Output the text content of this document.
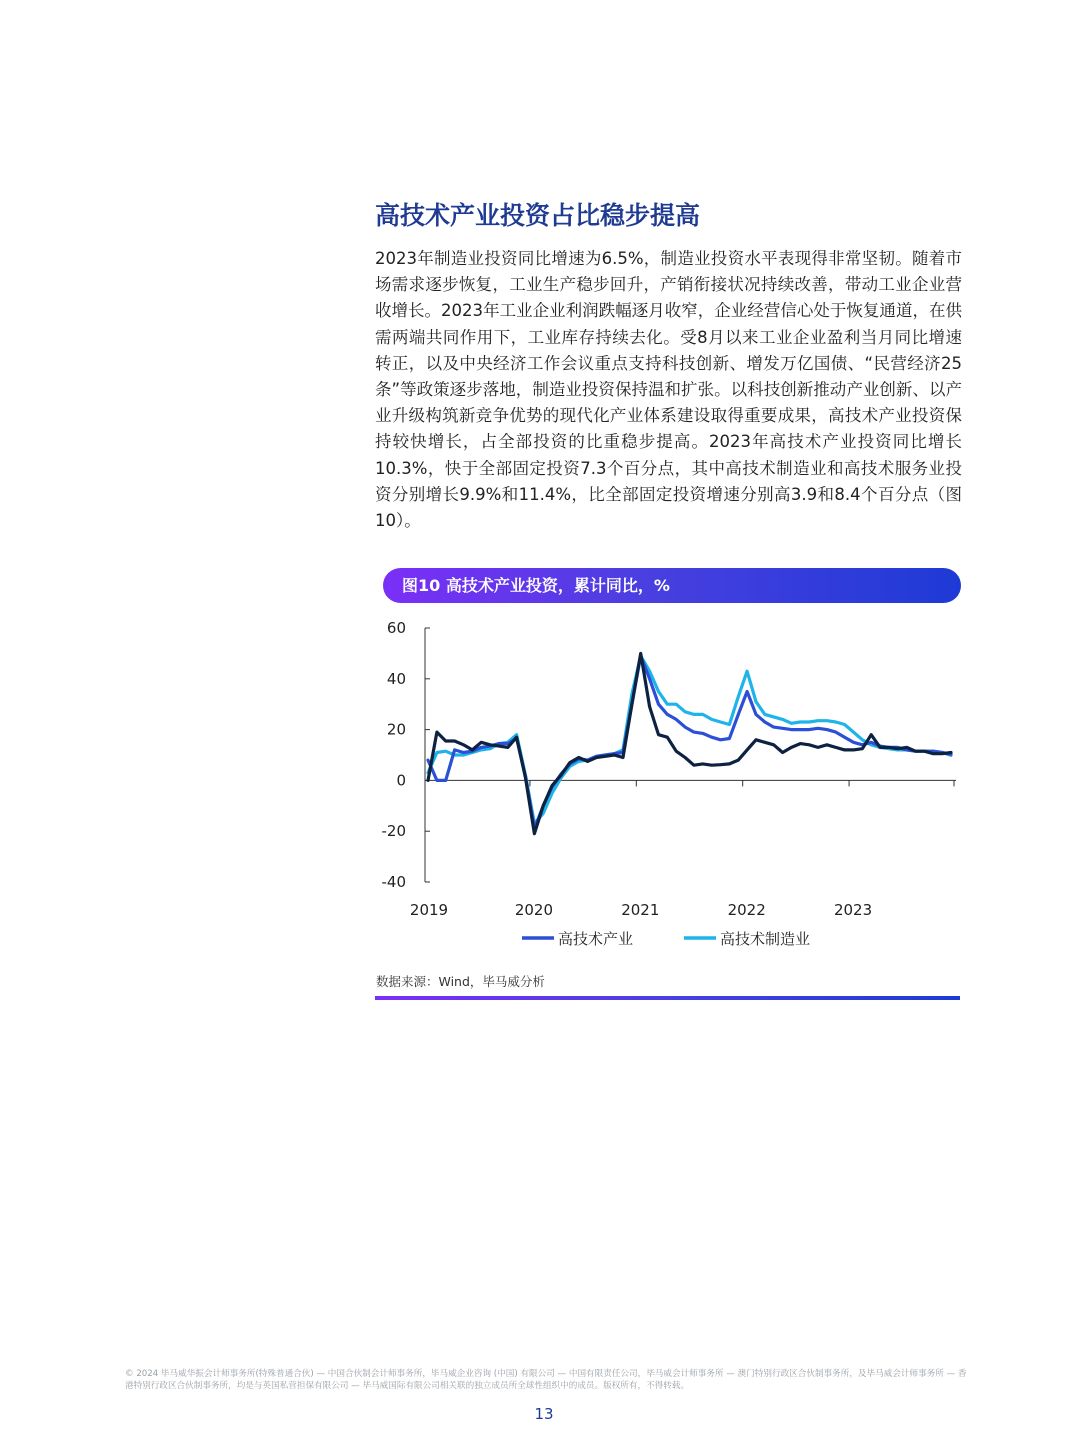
高技术产业投资占比稳步提高

2023年制造业投资同比增速为6.5%，制造业投资水平表现得非常坚韧。随着市场需求逐步恢复，工业生产稳步回升，产销衔接状况持续改善，带动工业企业营收增长。2023年工业企业利润跌幅逐月收窄，企业经营信心处于恢复通道，在供需两端共同作用下，工业库存持续去化。受8月以来工业企业盈利当月同比增速转正，以及中央经济工作会议重点支持科技创新、增发万亿国债、“民营经济25条”等政策逐步落地，制造业投资保持温和扩张。以科技创新推动产业创新、以产业升级构筑新竞争优势的现代化产业体系建设取得重要成果，高技术产业投资保持较快增长，占全部投资的比重稳步提高。2023年高技术产业投资同比增长10.3%，快于全部固定投资7.3个百分点，其中高技术制造业和高技术服务业投资分别增长9.9%和11.4%，比全部固定投资增速分别高3.9和8.4个百分点（图10）。

图10 高技术产业投资，累计同比，%
60
40
20
0
-20
-40
2019	2020	2021	2022	2023
高技术产业	高技术制造业
数据来源：Wind，毕马威分析

© 2024 毕马威华振会计师事务所(特殊普通合伙) — 中国合伙制会计师事务所，毕马威企业咨询 (中国) 有限公司 — 中国有限责任公司，毕马威会计师事务所 — 澳门特别行政区合伙制事务所，及毕马威会计师事务所 — 香港特别行政区合伙制事务所，均是与英国私营担保有限公司 — 毕马威国际有限公司相关联的独立成员所全球性组织中的成员。版权所有，不得转载。

13
